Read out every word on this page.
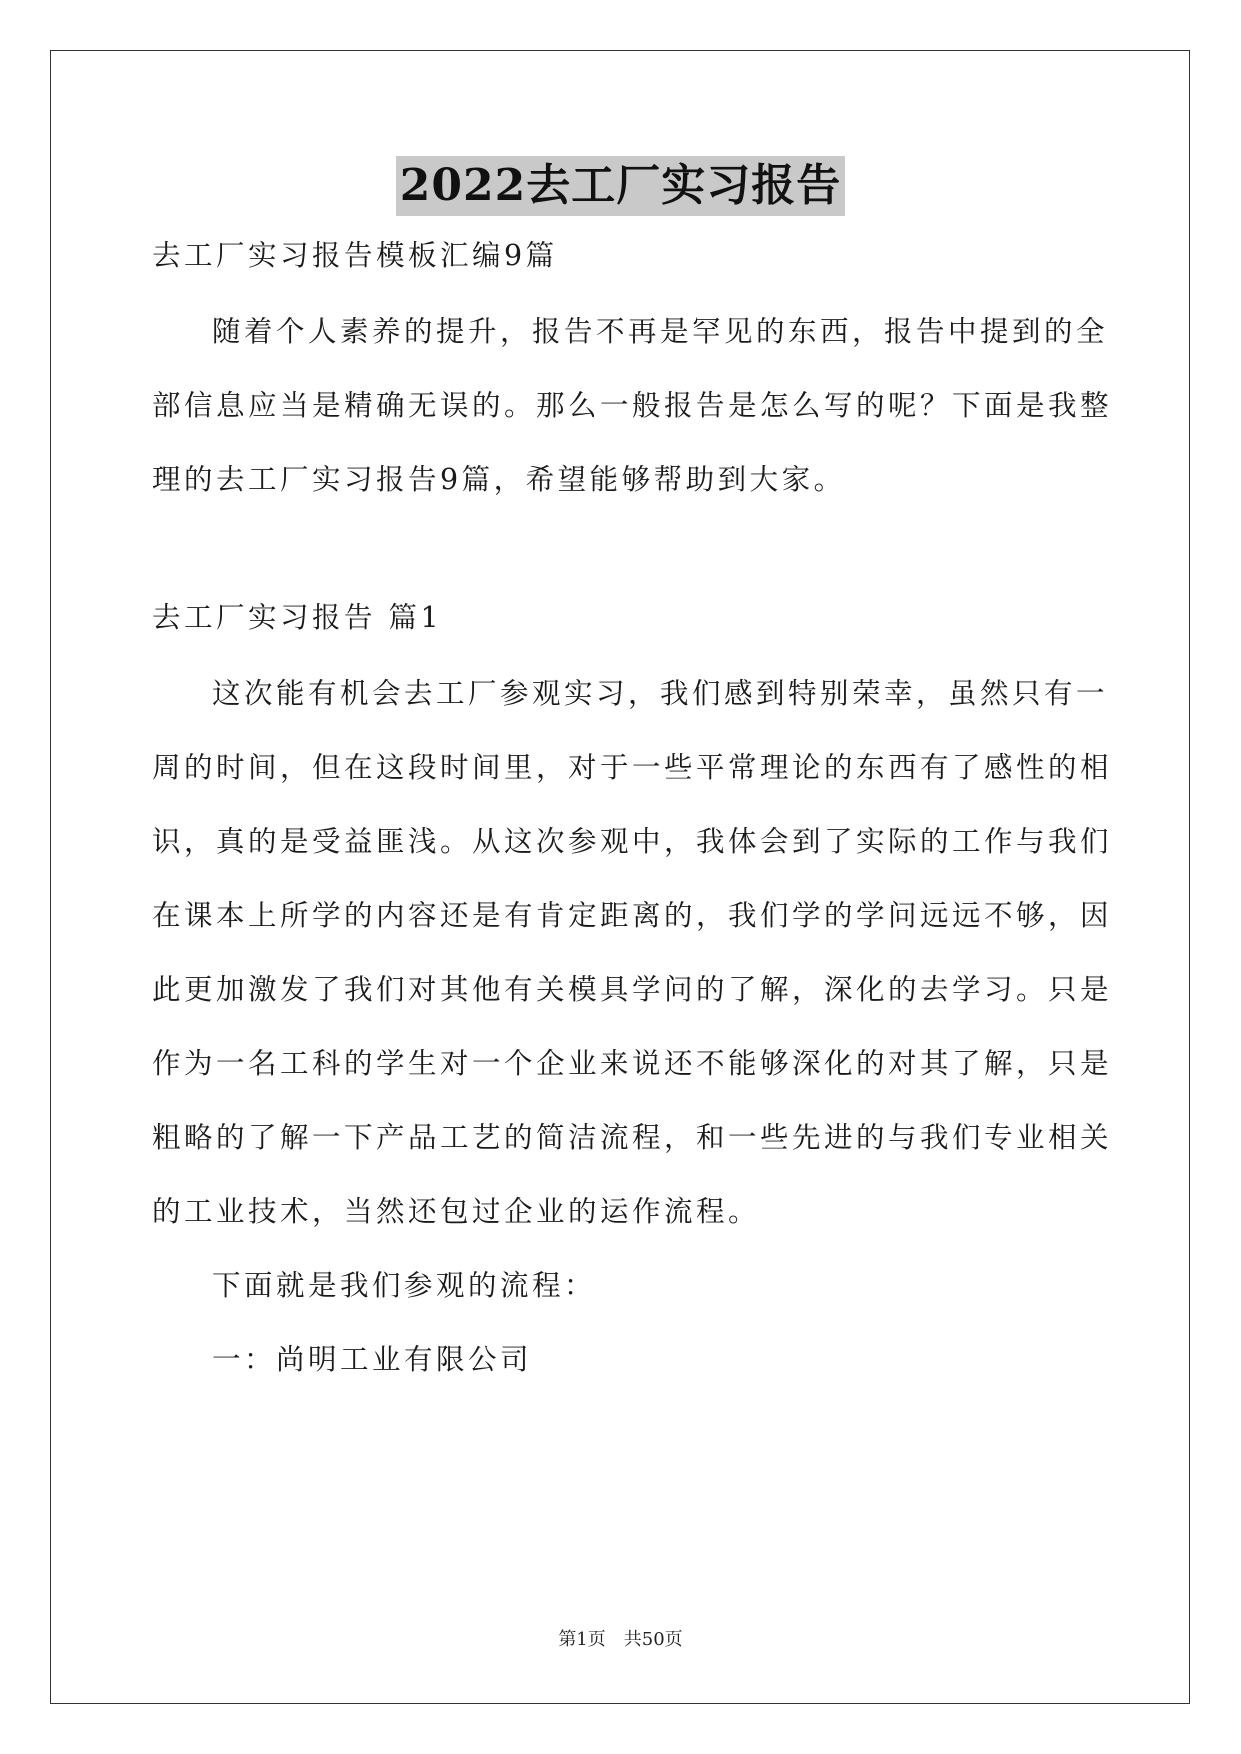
2022去工厂实习报告
去工厂实习报告模板汇编9篇
随着个人素养的提升，报告不再是罕见的东西，报告中提到的全
部信息应当是精确无误的。那么一般报告是怎么写的呢？下面是我整
理的去工厂实习报告9篇，希望能够帮助到大家。
去工厂实习报告 篇1
这次能有机会去工厂参观实习，我们感到特别荣幸，虽然只有一
周的时间，但在这段时间里，对于一些平常理论的东西有了感性的相
识，真的是受益匪浅。从这次参观中，我体会到了实际的工作与我们
在课本上所学的内容还是有肯定距离的，我们学的学问远远不够，因
此更加激发了我们对其他有关模具学问的了解，深化的去学习。只是
作为一名工科的学生对一个企业来说还不能够深化的对其了解，只是
粗略的了解一下产品工艺的简洁流程，和一些先进的与我们专业相关
的工业技术，当然还包过企业的运作流程。
下面就是我们参观的流程：
一：尚明工业有限公司
第1页　共50页
